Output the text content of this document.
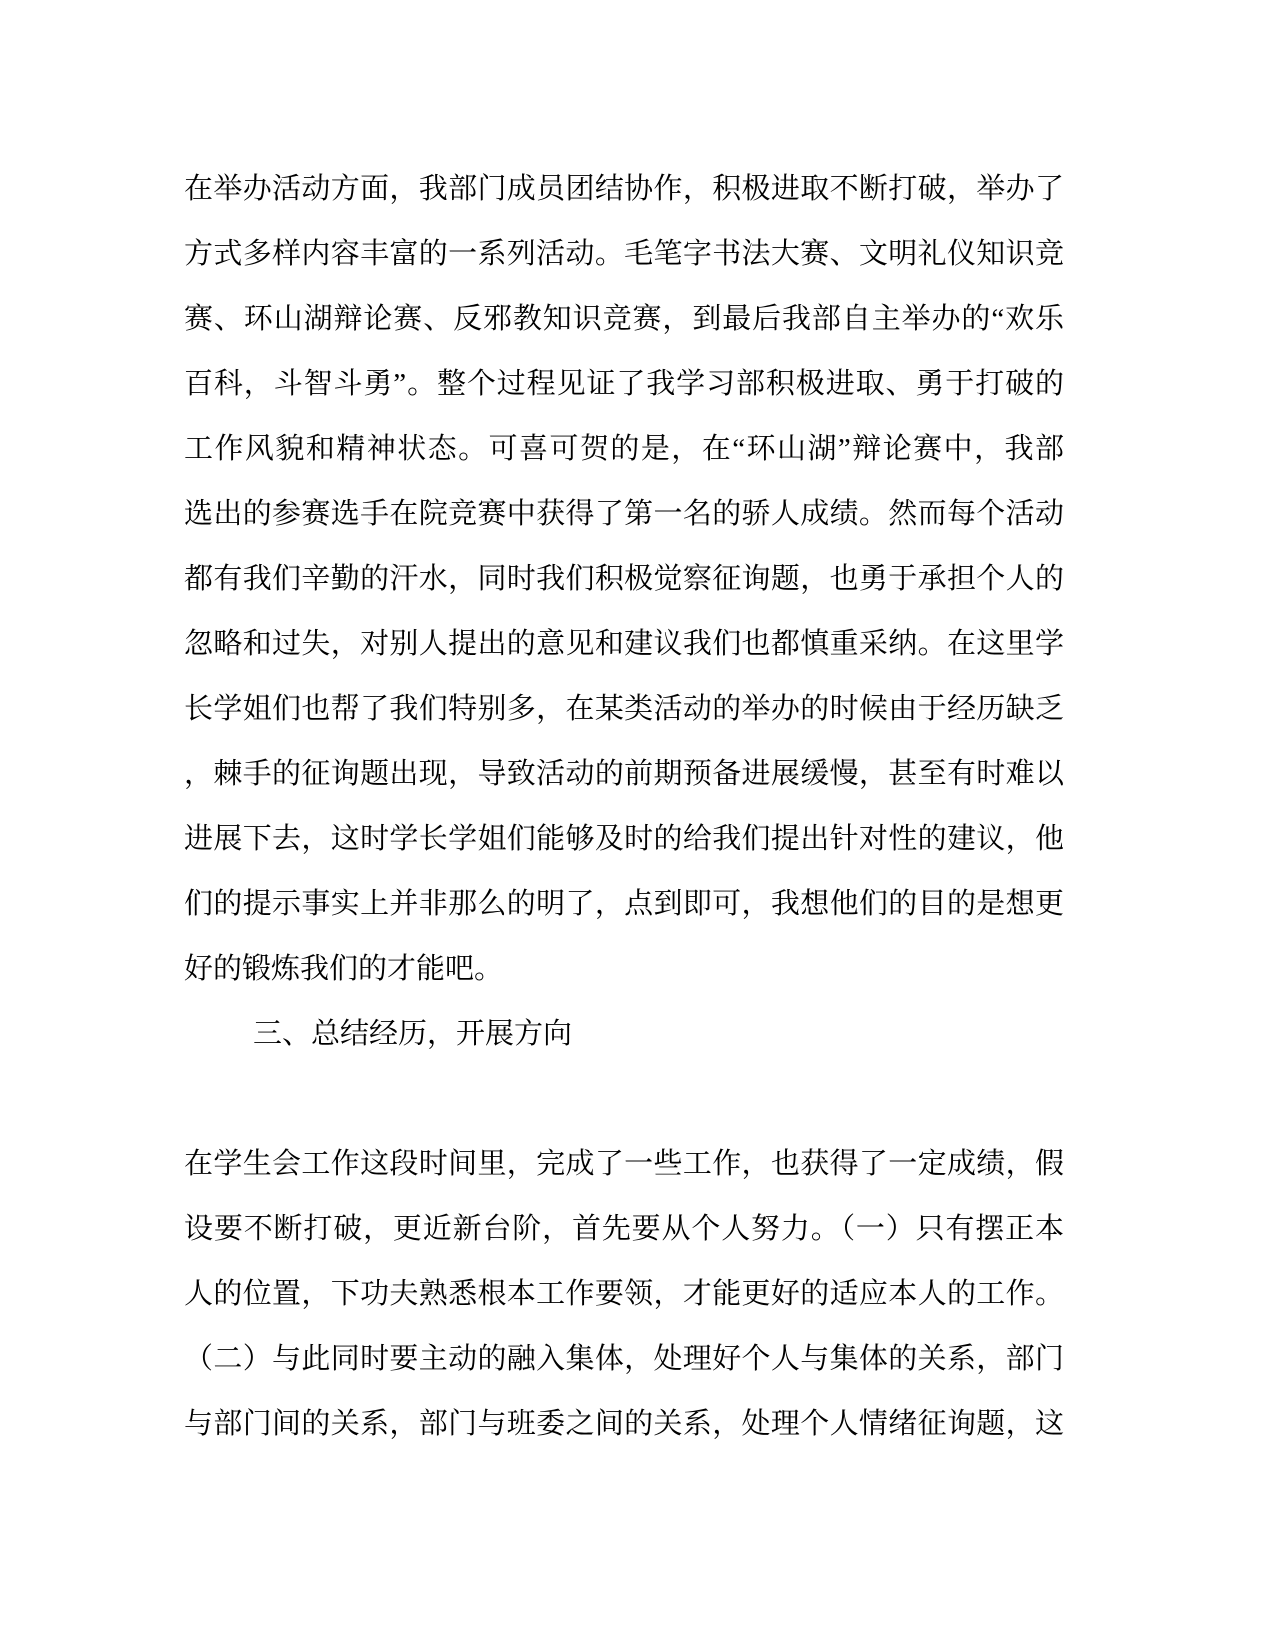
在举办活动方面，我部门成员团结协作，积极进取不断打破，举办了
方式多样内容丰富的一系列活动。毛笔字书法大赛、文明礼仪知识竞
赛、环山湖辩论赛、反邪教知识竞赛，到最后我部自主举办的“欢乐
百科，斗智斗勇”。整个过程见证了我学习部积极进取、勇于打破的
工作风貌和精神状态。可喜可贺的是，在“环山湖”辩论赛中，我部
选出的参赛选手在院竞赛中获得了第一名的骄人成绩。然而每个活动
都有我们辛勤的汗水，同时我们积极觉察征询题，也勇于承担个人的
忽略和过失，对别人提出的意见和建议我们也都慎重采纳。在这里学
长学姐们也帮了我们特别多，在某类活动的举办的时候由于经历缺乏
，棘手的征询题出现，导致活动的前期预备进展缓慢，甚至有时难以
进展下去，这时学长学姐们能够及时的给我们提出针对性的建议，他
们的提示事实上并非那么的明了，点到即可，我想他们的目的是想更
好的锻炼我们的才能吧。
三、总结经历，开展方向
在学生会工作这段时间里，完成了一些工作，也获得了一定成绩，假
设要不断打破，更近新台阶，首先要从个人努力。（一）只有摆正本
人的位置，下功夫熟悉根本工作要领，才能更好的适应本人的工作。
（二）与此同时要主动的融入集体，处理好个人与集体的关系，部门
与部门间的关系，部门与班委之间的关系，处理个人情绪征询题，这
